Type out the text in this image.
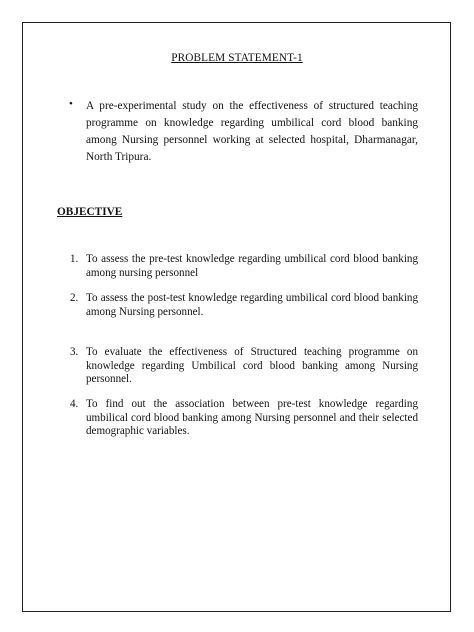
PROBLEM STATEMENT-1
• A pre-experimental study on the effectiveness of structured teaching programme on knowledge regarding umbilical cord blood banking among Nursing personnel working at selected hospital, Dharmanagar, North Tripura.

OBJECTIVE
1. To assess the pre-test knowledge regarding umbilical cord blood banking among nursing personnel

2. To assess the post-test knowledge regarding umbilical cord blood banking among Nursing personnel.

3. To evaluate the effectiveness of Structured teaching programme on knowledge regarding Umbilical cord blood banking among Nursing personnel.

4. To find out the association between pre-test knowledge regarding umbilical cord blood banking among Nursing personnel and their selected demographic variables.
